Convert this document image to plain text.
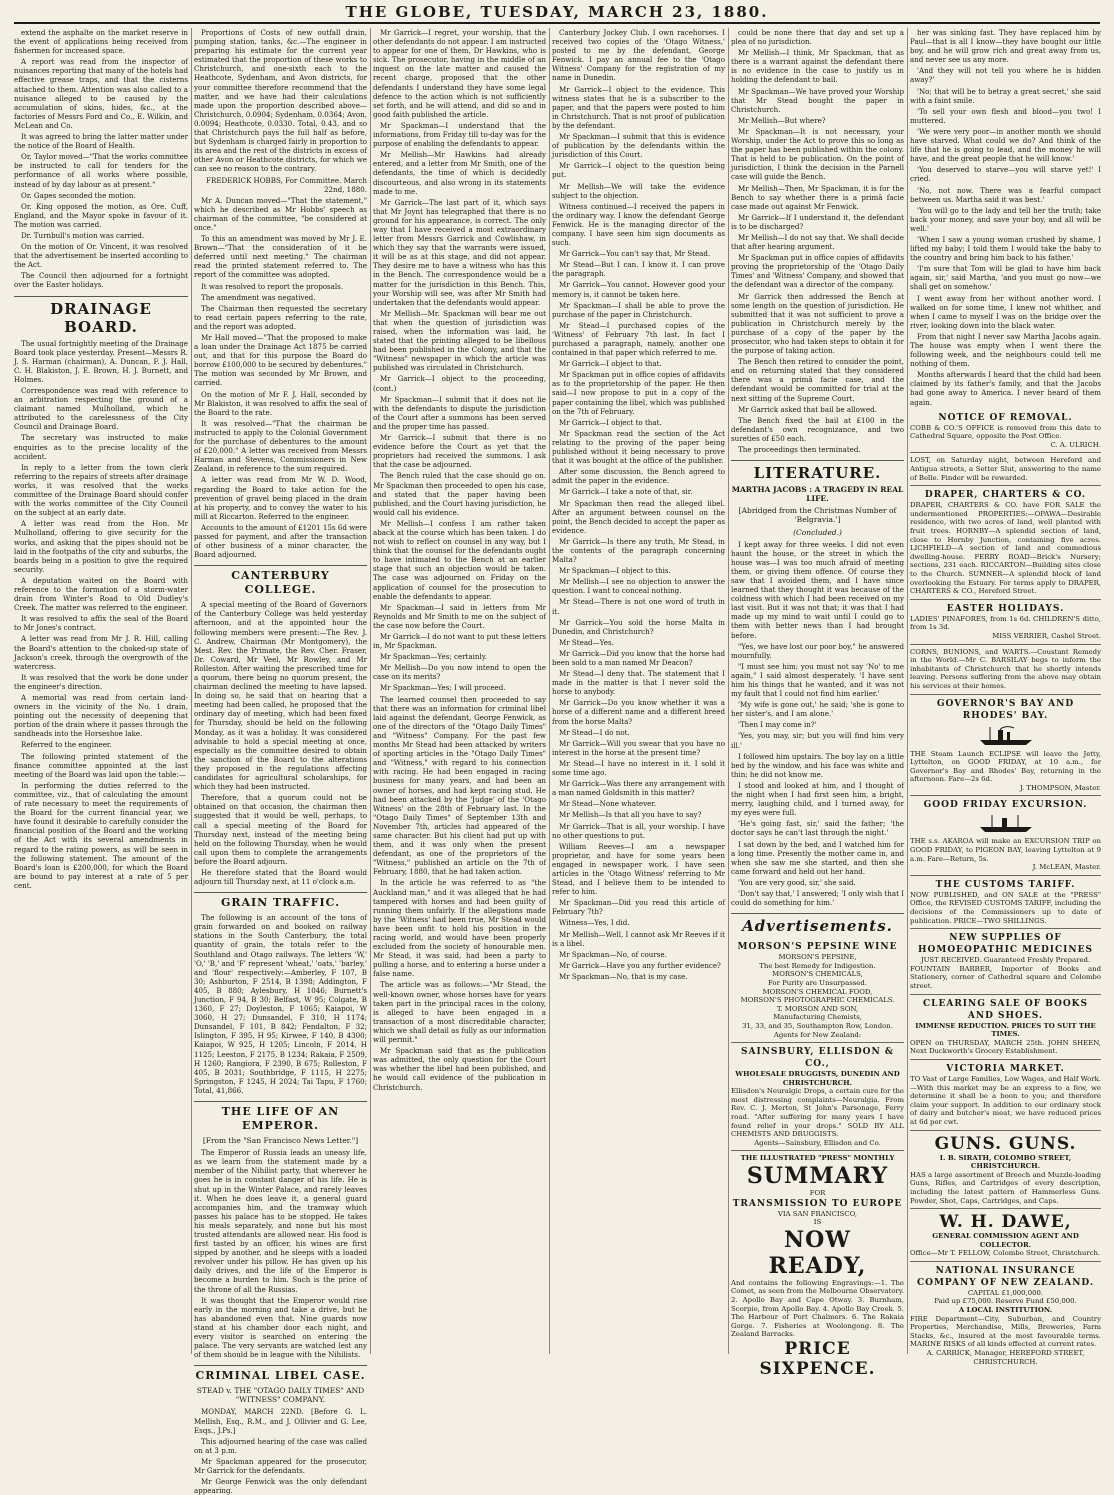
THE GLOBE, TUESDAY, MARCH 23, 1880.

extend the asphalte on the market reserve in the event of applications being received from fishermen for increased space.

A report was read from the inspector of nuisances reporting that many of the hotels had effective grease traps, and that the cisterns attached to them. Attention was also called to a nuisance alleged to be caused by the accumulation of skins, hides, &c., at the factories of Messrs Ford and Co., E. Wilkin, and McLean and Co.

It was agreed to bring the latter matter under the notice of the Board of Health.

Or, Taylor moved—"That the works committee be instructed to call for tenders for the performance of all works where possible, instead of by day labour as at present."

Or. Gapes seconded the motion.

Or. King opposed the motion, as Ore. Cuff, England, and the Mayor spoke in favour of it. The motion was carried.

Dr. Turnbull's motion was carried.

On the motion of Or. Vincent, it was resolved that the advertisement be inserted according to the Act.

The Council then adjourned for a fortnight over the Easter holidays.

DRAINAGE BOARD.

The usual fortnightly meeting of the Drainage Board took place yesterday. Present—Messrs R. J. S. Harman (chairman), A. Duncan, F. J. Hall, C. H. Blakiston, J. E. Brown, H. J. Burnett, and Holmes.

Correspondence was read with reference to an arbitration respecting the ground of a claimant named Mulholland, which he attributed to the carelessness of the City Council and Drainage Board.

The secretary was instructed to make enquiries as to the precise locality of the accident.

In reply to a letter from the town clerk referring to the repairs of streets after drainage works, it was resolved that the works committee of the Drainage Board should confer with the works committee of the City Council on the subject at an early date.

A letter was read from the Hon. Mr Mulholland, offering to give security for the works, and asking that the pipes should not be laid in the footpaths of the city and suburbs, the boards being in a position to give the required security.

A deputation waited on the Board with reference to the formation of a storm-water drain from Winter's Road to Old Dudley's Creek. The matter was referred to the engineer.

It was resolved to affix the seal of the Board to Mr Jones's contract.

A letter was read from Mr J. R. Hill, calling the Board's attention to the choked-up state of Jackson's creek, through the overgrowth of the watercress.

It was resolved that the work be done under the engineer's direction.

A memorial was read from certain land-owners in the vicinity of the No. 1 drain, pointing out the necessity of deepening that portion of the drain where it passes through the sandheads into the Horseshoe lake.

Referred to the engineer.

The following printed statement of the finance committee appointed at the last meeting of the Board was laid upon the table:—

In performing the duties referred to the committee, viz., that of calculating the amount of rate necessary to meet the requirements of the Board for the current financial year, we have found it desirable to carefully consider the financial position of the Board and the working of the Act with its several amendments in regard to the rating powers, as will be seen in the following statement. The amount of the Board's loan is £200,000, for which the Board are bound to pay interest at a rate of 5 per cent.

Proportions of Costs of new outfall drain, pumping station, tanks, &c.—The engineer in preparing his estimate for the current year estimated that the proportion of these works to Christchurch, and one-sixth each to the Heathcote, Sydenham, and Avon districts, for your committee therefore recommend that the matter, and we have had their calculations made upon the proportion described above—Christchurch, 0.0904; Sydenham, 0.0364; Avon, 0.0094; Heathcote, 0.0330. Total, 0.43, and so that Christchurch pays the full half as before, but Sydenham is charged fairly in proportion to its area and the rest of the districts in excess of other Avon or Heathcote districts, for which we can see no reason to the contrary.

FREDERICK HOBBS, For Committee. March 22nd, 1880.

Mr A. Duncan moved—"That the statement," which he described as Mr Hobbs' speech as chairman of the committee, "be considered at once."

To this an amendment was moved by Mr J. E. Brown—"That the consideration of it be deferred until next meeting." The chairman read the printed statement referred to. The report of the committee was adopted.

It was resolved to report the proposals.

The amendment was negatived.

The Chairman then requested the secretary to read certain papers referring to the rate, and the report was adopted.

Mr Hall moved—"That the proposed to make a loan under the Drainage Act 1875 be carried out, and that for this purpose the Board do borrow £100,000 to be secured by debentures." The motion was seconded by Mr Brown, and carried.

On the motion of Mr F. J. Hall, seconded by Mr Blakiston, it was resolved to affix the seal of the Board to the rate.

It was resolved—"That the chairman be instructed to apply to the Colonial Government for the purchase of debentures to the amount of £20,000." A letter was received from Messrs Harman and Stevens, Commissioners in New Zealand, in reference to the sum required.

A letter was read from Mr W. D. Wood, regarding the Board to take action for the prevention of gravel being placed in the drain at his property, and to convey the water to his mill at Riccarton. Referred to the engineer.

Accounts to the amount of £1201 15s 6d were passed for payment, and after the transaction of other business of a minor character, the Board adjourned.

CANTERBURY COLLEGE.

A special meeting of the Board of Governors of the Canterbury College was held yesterday afternoon, and at the appointed hour the following members were present:—The Rev. J. C. Andrew, Chairman (Mr Montgomery), the Mest. Rev. the Primate, the Rev. Cher. Fraser, Dr. Coward, Mr Veel, Mr Rowley, and Mr Rolleston. After waiting the prescribed time for a quorum, there being no quorum present, the chairman declined the meeting to have lapsed. In doing so, he said that on hearing that a meeting had been called, he proposed that the ordinary day of meeting, which had been fixed for Thursday, should be held on the following Monday, as it was a holiday. It was considered advisable to hold a special meeting at once, especially as the committee desired to obtain the sanction of the Board to the alterations they proposed in the regulations affecting candidates for agricultural scholarships, for which they had been instructed.

Therefore, that a quorum could not be obtained on that occasion, the chairman then suggested that it would be well, perhaps, to call a special meeting of the Board for Thursday next, instead of the meeting being held on the following Thursday, when he would call upon them to complete the arrangements before the Board adjourn.

He therefore stated that the Board would adjourn till Thursday next, at 11 o'clock a.m.

GRAIN TRAFFIC.

The following is an account of the tons of grain forwarded on and booked on railway stations in the South Canterbury, the total quantity of grain, the totals refer to the Southland and Otago railways. The letters 'W,' 'O,' 'B,' and 'F' represent 'wheat,' 'oats,' 'barley,' and 'flour' respectively:—Amberley, F 107, B 30; Ashburton, F 2514, B 1398; Addington, F 405, B 880; Aylesbury, H 1046; Burnett's Junction, F 94, B 30; Belfast, W 95; Colgate, B 1360, F 27; Doyleston, F 1065; Kaiapoi, W 3060, H 27; Dunsandel, F 310, H 1174; Dunsandel, F 101, B 842; Fendalton, F 32; Islington, F 395, H 95; Kirwee, F 140, B 4300; Kaiapoi, W 925, H 1205; Lincoln, F 2014, H 1125; Leeston, F 2175, B 1234; Rakaia, F 2509, H 1260; Rangiora, F 2390, B 675; Rolleston, F 405, B 2031; Southbridge, F 1115, H 2275; Springston, F 1245, H 2024; Tai Tapu, F 1760; Total, 41,866.

THE LIFE OF AN EMPEROR.
[From the "San Francisco News Letter."]

The Emperor of Russia leads an uneasy life, as we learn from the statement made by a member of the Nihilist party, that wherever he goes he is in constant danger of his life. He is shut up in the Winter Palace, and rarely leaves it. When he does leave it, a general guard accompanies him, and the tramway which passes his palace has to be stopped. He takes his meals separately, and none but his most trusted attendants are allowed near. His food is first tasted by an officer, his wines are first sipped by another, and he sleeps with a loaded revolver under his pillow. He has given up his daily drives, and the life of the Emperor is become a burden to him. Such is the price of the throne of all the Russias.

It was thought that the Emperor would rise early in the morning and take a drive, but he has abandoned even that. Nine guards now stand at his chamber door each night, and every visitor is searched on entering the palace. The very servants are watched lest any of them should be in league with the Nihilists.

CRIMINAL LIBEL CASE.
STEAD v. THE "OTAGO DAILY TIMES" AND "WITNESS" COMPANY.

MONDAY, MARCH 22ND. [Before G. L. Mellish, Esq., R.M., and J. Ollivier and G. Lee, Esqs., J.Ps.]

This adjourned hearing of the case was called on at 3 p.m.

Mr Spackman appeared for the prosecutor, Mr Garrick for the defendants.

Mr George Fenwick was the only defendant appearing.

Mr Garrick—I regret, your worship, that the other defendants do not appear. I am instructed to appear for one of them, Dr Hawkins, who is sick. The prosecutor, having in the middle of an inquest on the late matter and caused the recent charge, proposed that the other defendants I understand they have some legal defence to the action which is not sufficiently set forth, and he will attend, and did so and in good faith published the article.

Mr Spackman—I understand that the informations, from Friday till to-day was for the purpose of enabling the defendants to appear.

Mr Mellish—Mr Hawkins had already entered, and a letter from Mr Smith, one of the defendants, the time of which is decidedly discourteous, and also wrong in its statements made to me.

Mr Garrick—The last part of it, which says that Mr Joynt has telegraphed that there is no ground for his appearance, is correct. The only way that I have received a most extraordinary letter from Messrs Garrick and Cowlishaw, in which they say that the warrants were issued, it will be as at this stage, and did not appear. They desire me to have a witness who has this in the Bench. The correspondence would be a matter for the jurisdiction in this Bench. This, your Worship will see, was after Mr Smith had undertaken that the defendants would appear.

Mr Mellish—Mr. Spackman will bear me out that when the question of jurisdiction was raised, when the information was laid, he stated that the printing alleged to be libellous had been published in the Colony, and that the "Witness" newspaper in which the article was published was circulated in Christchurch.

Mr Garrick—I object to the proceeding, (cont.)

Mr Spackman—I submit that it does not lie with the defendants to dispute the jurisdiction of the Court after a summons has been served and the proper time has passed.

Mr Garrick—I submit that there is no evidence before the Court as yet that the proprietors had received the summons. I ask that the case be adjourned.

The Bench ruled that the case should go on. Mr Spackman then proceeded to open his case, and stated that the paper having been published, and the Court having jurisdiction, he would call his evidence.

Mr Mellish—I confess I am rather taken aback at the course which has been taken. I do not wish to reflect on counsel in any way, but I think that the counsel for the defendants ought to have intimated to the Bench at an earlier stage that such an objection would be taken. The case was adjourned on Friday on the application of counsel for the prosecution to enable the defendants to appear.

Mr Spackman—I said in letters from Mr Reynolds and Mr Smith to me on the subject of the case now before the Court.

Mr Garrick—I do not want to put these letters in, Mr Spackman.

Mr Spackman—Yes; certainly.

Mr Mellish—Do you now intend to open the case on its merits?

Mr Spackman—Yes; I will proceed.

The learned counsel then proceeded to say that there was an information for criminal libel laid against the defendant, George Fenwick, as one of the directors of the "Otago Daily Times" and "Witness" Company. For the past few months Mr Stead had been attacked by writers of sporting articles in the "Otago Daily Times" and "Witness," with regard to his connection with racing. He had been engaged in racing business for many years, and had been an owner of horses, and had kept racing stud. He had been attacked by the 'Judge' of the 'Otago Witness' on the 28th of February last. In the "Otago Daily Times" of September 13th and November 7th, articles had appeared of the same character. But his client had put up with them, and it was only when the present defendant, as one of the proprietors of the "Witness," published an article on the 7th of February, 1880, that he had taken action.

In the article he was referred to as "the Auckland man," and it was alleged that he had tampered with horses and had been guilty of running them unfairly. If the allegations made by the 'Witness' had been true, Mr Stead would have been unfit to hold his position in the racing world, and would have been properly excluded from the society of honourable men. Mr Stead, it was said, had been a party to pulling a horse, and to entering a horse under a false name.

The article was as follows:—"Mr Stead, the well-known owner, whose horses have for years taken part in the principal races in the colony, is alleged to have been engaged in a transaction of a most discreditable character, which we shall detail as fully as our information will permit."

Mr Spackman said that as the publication was admitted, the only question for the Court was whether the libel had been published, and he would call evidence of the publication in Christchurch.

Canterbury Jockey Club. I own racehorses. I received two copies of the 'Otago Witness,' posted to me by the defendant, George Fenwick. I pay an annual fee to the 'Otago Witness' Company for the registration of my name in Dunedin.

Mr Garrick—I object to the evidence. This witness states that he is a subscriber to the paper, and that the papers were posted to him in Christchurch. That is not proof of publication by the defendant.

Mr Spackman—I submit that this is evidence of publication by the defendants within the jurisdiction of this Court.

Mr Garrick—I object to the question being put.

Mr Mellish—We will take the evidence subject to the objection.

Witness continued—I received the papers in the ordinary way. I know the defendant George Fenwick. He is the managing director of the company. I have seen him sign documents as such.

Mr Garrick—You can't say that, Mr Stead.

Mr Stead—But I can. I know it. I can prove the paragraph.

Mr Garrick—You cannot. However good your memory is, it cannot be taken here.

Mr Spackman—I shall be able to prove the purchase of the paper in Christchurch.

Mr Stead—I purchased copies of the 'Witness' of February 7th last. In fact I purchased a paragraph, namely, another one contained in that paper which referred to me.

Mr Garrick—I object to that.

Mr Spackman put in office copies of affidavits as to the proprietorship of the paper. He then said—I now propose to put in a copy of the paper containing the libel, which was published on the 7th of February.

Mr Garrick—I object to that.

Mr Spackman read the section of the Act relating to the proving of the paper being published without it being necessary to prove that it was bought at the office of the publisher.

After some discussion, the Bench agreed to admit the paper in the evidence.

Mr Garrick—I take a note of that, sir.

Mr Spackman then read the alleged libel. After an argument between counsel on the point, the Bench decided to accept the paper as evidence.

Mr Garrick—Is there any truth, Mr Stead, in the contents of the paragraph concerning Malta?

Mr Spackman—I object to this.

Mr Mellish—I see no objection to answer the question. I want to conceal nothing.

Mr Stead—There is not one word of truth in it.

Mr Garrick—You sold the horse Malta in Dunedin, and Christchurch?

Mr Stead—Yes.

Mr Garrick—Did you know that the horse had been sold to a man named Mr Deacon?

Mr Stead—I deny that. The statement that I made in the matter is that I never sold the horse to anybody.

Mr Garrick—Do you know whether it was a horse of a different name and a different breed from the horse Malta?

Mr Stead—I do not.

Mr Garrick—Will you swear that you have no interest in the horse at the present time?

Mr Stead—I have no interest in it. I sold it some time ago.

Mr Garrick—Was there any arrangement with a man named Goldsmith in this matter?

Mr Stead—None whatever.

Mr Mellish—Is that all you have to say?

Mr Garrick—That is all, your worship. I have no other questions to put.

William Reeves—I am a newspaper proprietor, and have for some years been engaged in newspaper work. I have seen articles in the 'Otago Witness' referring to Mr Stead, and I believe them to be intended to refer to him.

Mr Spackman—Did you read this article of February 7th?

Witness—Yes, I did.

Mr Mellish—Well, I cannot ask Mr Reeves if it is a libel.

Mr Spackman—No, of course.

Mr Garrick—Have you any further evidence?

Mr Spackman—No, that is my case.

could be none there that day and set up a plea of no jurisdiction.

Mr Mellish—I think, Mr Spackman, that as there is a warrant against the defendant there is no evidence in the case to justify us in holding the defendant to bail.

Mr Spackman—We have proved your Worship that Mr Stead bought the paper in Christchurch.

Mr Mellish—But where?

Mr Spackman—It is not necessary, your Worship, under the Act to prove this so long as the paper has been published within the colony. That is held to be publication. On the point of jurisdiction, I think the decision in the Parnell case will guide the Bench.

Mr Mellish—Then, Mr Spackman, it is for the Bench to say whether there is a primâ facie case made out against Mr Fenwick.

Mr Garrick—If I understand it, the defendant is to be discharged?

Mr Mellish—I do not say that. We shall decide that after hearing argument.

Mr Spackman put in office copies of affidavits proving the proprietorship of the 'Otago Daily Times' and 'Witness' Company, and showed that the defendant was a director of the company.

Mr Garrick then addressed the Bench at some length on the question of jurisdiction. He submitted that it was not sufficient to prove a publication in Christchurch merely by the purchase of a copy of the paper by the prosecutor, who had taken steps to obtain it for the purpose of taking action.

The Bench then retired to consider the point, and on returning stated that they considered there was a primâ facie case, and the defendant would be committed for trial at the next sitting of the Supreme Court.

Mr Garrick asked that bail be allowed.

The Bench fixed the bail at £100 in the defendant's own recognizance, and two sureties of £50 each.

The proceedings then terminated.

LITERATURE.
MARTHA JACOBS : A TRAGEDY IN REAL LIFE.
[Abridged from the Christmas Number of 'Belgravia.']
(Concluded.)

I kept away for three weeks. I did not even haunt the house, or the street in which the house was—I was too much afraid of meeting them, or giving them offence. Of course they saw that I avoided them, and I have since learned that they thought it was because of the coldness with which I had been received on my last visit. But it was not that; it was that I had made up my mind to wait until I could go to them with better news than I had brought before.

"Yes, we have lost our poor boy," he answered mournfully.

"I must see him; you must not say 'No' to me again," I said almost desperately. 'I have sent him his things that he wanted, and it was not my fault that I could not find him earlier.'

'My wife is gone out,' he said; 'she is gone to her sister's, and I am alone.'

'Then I may come in?'

'Yes, you may, sir; but you will find him very ill.'

I followed him upstairs. The boy lay on a little bed by the window, and his face was white and thin; he did not know me.

I stood and looked at him, and I thought of the night when I had first seen him, a bright, merry, laughing child, and I turned away, for my eyes were full.

'He's going fast, sir,' said the father; 'the doctor says he can't last through the night.'

I sat down by the bed, and I watched him for a long time. Presently the mother came in, and when she saw me she started, and then she came forward and held out her hand.

'You are very good, sir,' she said.

'Don't say that,' I answered; 'I only wish that I could do something for him.'

Advertisements.
MORSON'S PEPSINE WINE
MORSON'S PEPSINE,
The best Remedy for Indigestion.
MORSON'S CHEMICALS,
For Purity are Unsurpassed.
MORSON'S CHEMICAL FOOD,
MORSON'S PHOTOGRAPHIC CHEMICALS.
T. MORSON AND SON,
Manufacturing Chemists,
31, 33, and 35, Southampton Row, London.
Agents for New Zealand:
SAINSBURY, ELLISDON & CO.,
WHOLESALE DRUGGISTS, DUNEDIN AND CHRISTCHURCH.
Ellisdon's Neuralgic Drops, a certain cure for the most distressing complaints—Neuralgia. From Rev. C. J. Merton, St John's Parsonage, Ferry road. "After suffering for many years I have found relief in your drops." SOLD BY ALL CHEMISTS AND DRUGGISTS.
Agents—Sainsbury, Ellisdon and Co.
THE ILLUSTRATED "PRESS" MONTHLY
SUMMARY
FOR
TRANSMISSION TO EUROPE
VIA SAN FRANCISCO,
IS
NOW READY,
And contains the following Engravings:—1. The Comet, as seen from the Melbourne Observatory. 2. Apollo Bay and Cape Otway. 3. Burnham, Scorpio, from Apollo Bay. 4. Apollo Bay Creek. 5. The Harbour of Port Chalmers. 6. The Rakaia Gorge. 7. Fisheries at Woolongong. 8. The Zealand Barracks.
PRICE SIXPENCE.

her was sinking fast. They have replaced him by Paul—that is all I know—they have bought our little boy, and he will grow rich and great away from us, and never see us any more.

'And they will not tell you where he is hidden away?'

'No; that will be to betray a great secret,' she said with a faint smile.

'To sell your own flesh and blood—you two! I muttered.

'We were very poor—in another month we should have starved. What could we do? And think of the life that he is going to lead, and the money he will have, and the great people that he will know.'

'You deserved to starve—you will starve yet!' I cried.

'No, not now. There was a fearful compact between us. Martha said it was best.'

'You will go to the lady and tell her the truth; take back your money, and save your boy, and all will be well.'

'When I saw a young woman crushed by shame, I lifted my baby; I told them I would take the baby to the country and bring him back to his father.'

'I'm sure that Tom will be glad to have him back again, sir,' said Martha, 'and you must go now—we shall get on somehow.'

I went away from her without another word. I walked on for some time, I knew not whither, and when I came to myself I was on the bridge over the river, looking down into the black water.

From that night I never saw Martha Jacobs again. The house was empty when I went there the following week, and the neighbours could tell me nothing of them.

Months afterwards I heard that the child had been claimed by its father's family, and that the Jacobs had gone away to America. I never heard of them again.

NOTICE OF REMOVAL.
COBB & CO.'S OFFICE is removed from this date to Cathedral Square, opposite the Post Office.
C. A. ULRICH.
LOST, on Saturday night, between Hereford and Antigua streets, a Setter Slut, answering to the name of Belle. Finder will be rewarded.
DRAPER, CHARTERS & CO.
DRAPER, CHARTERS & CO. have FOR SALE the undermentioned PROPERTIES:—OPAWA—Desirable residence, with two acres of land, well planted with fruit trees. HORNBY—A splendid section of land, close to Hornby Junction, containing five acres. LICHFIELD—A section of land and commodious dwelling-house. FERRY ROAD—Brick's Nursery; sections, 231 each. RICCARTON—Building sites close to the Church. SUMNER—A splendid block of land overlooking the Estuary. For terms apply to DRAPER, CHARTERS & CO., Hereford Street.
EASTER HOLIDAYS.
LADIES' PINAFORES, from 1s 6d. CHILDREN'S ditto, from 1s 3d.
MISS VERRIER, Cashel Street.
CORNS, BUNIONS, and WARTS.—Coustant Remedy in the World.—Mr C. BARSILAY begs to inform the inhabitants of Christchurch that he shortly intends leaving. Persons suffering from the above may obtain his services at their homes.
GOVERNOR'S BAY AND RHODES' BAY.
THE Steam Launch ECLIPSE will leave the Jetty, Lyttelton, on GOOD FRIDAY, at 10 a.m., for Governor's Bay and Rhodes' Bay, returning in the afternoon. Fare—2s 6d.
J. THOMPSON, Master.
GOOD FRIDAY EXCURSION.
THE s.s. AKAROA will make an EXCURSION TRIP on GOOD FRIDAY, to PIGEON BAY, leaving Lyttelton at 9 a.m. Fare—Return, 5s.
J. McLEAN, Master.
THE CUSTOMS TARIFF.
NOW PUBLISHED, and ON SALE at the "PRESS" Office, the REVISED CUSTOMS TARIFF, including the decisions of the Commissioners up to date of publication. PRICE—TWO SHILLINGS.
NEW SUPPLIES OF HOMOEOPATHIC MEDICINES
JUST RECEIVED. Guaranteed Freshly Prepared.
FOUNTAIN BARBER, Importer of Books and Stationery, corner of Cathedral square and Colombo street.
CLEARING SALE OF BOOKS AND SHOES.
IMMENSE REDUCTION. PRICES TO SUIT THE TIMES.
OPEN on THURSDAY, MARCH 25th. JOHN SHEEN, Next Duckworth's Grocery Establishment.
VICTORIA MARKET.
TO Vast of Large Families, Low Wages, and Half Work.—With this market may be an express to a few, we determine it shall be a boon to you; and therefore claim your support. In addition to our ordinary stock of dairy and butcher's meat, we have reduced prices at 6d per cwt.
GUNS. GUNS.
I. B. SIRATH, COLOMBO STREET, CHRISTCHURCH.
HAS a large assortment of Breech and Muzzle-loading Guns, Rifles, and Cartridges of every description, including the latest pattern of Hammerless Guns. Powder, Shot, Caps, Cartridges, and Caps.
W. H. DAWE,
GENERAL COMMISSION AGENT AND COLLECTOR.
Office—Mr T. FELLOW, Colombo Street, Christchurch.
NATIONAL INSURANCE COMPANY OF NEW ZEALAND.
CAPITAL £1,000,000.
Paid up £75,000. Reserve Fund £50,000.
A LOCAL INSTITUTION.
FIRE Department—City, Suburban, and Country Properties, Merchandise, Mills, Breweries, Farm Stacks, &c., insured at the most favourable terms. MARINE RISKS of all kinds effected at current rates.
A. CARRICK, Manager, HEREFORD STREET, CHRISTCHURCH.
